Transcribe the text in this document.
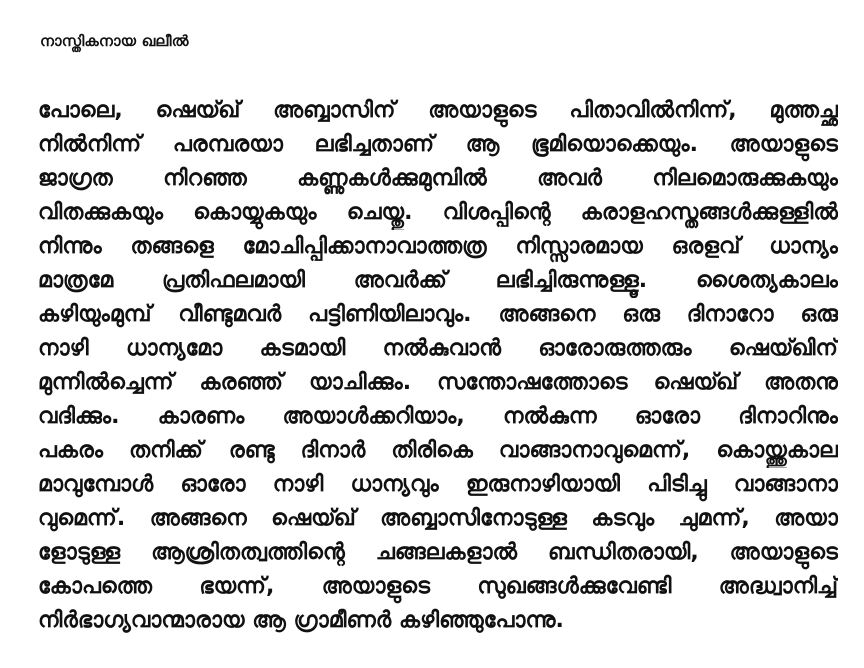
നാസ്തികനായ ഖലീൽ
പോലെ, ഷെയ്ഖ് അബ്ബാസിന് അയാളുടെ പിതാവിൽനിന്ന്, മുത്തച്ഛ
നിൽനിന്ന് പരമ്പരയാ ലഭിച്ചതാണ് ആ ഭൂമിയൊക്കെയും. അയാളുടെ
ജാഗ്രത നിറഞ്ഞ കണ്ണുകൾക്കുമുമ്പിൽ അവർ നിലമൊരുക്കുകയും
വിതക്കുകയും കൊയ്യുകയും ചെയ്തു. വിശപ്പിന്റെ കരാളഹസ്തങ്ങൾക്കുള്ളിൽ
നിന്നും തങ്ങളെ മോചിപ്പിക്കാനാവാത്തത്ര നിസ്സാരമായ ഒരളവ് ധാന്യം
മാത്രമേ പ്രതിഫലമായി അവർക്ക് ലഭിച്ചിരുന്നുള്ളൂ. ശൈത്യകാലം
കഴിയുംമുമ്പ് വീണ്ടുമവർ പട്ടിണിയിലാവും. അങ്ങനെ ഒരു ദിനാറോ ഒരു
നാഴി ധാന്യമോ കടമായി നൽകുവാൻ ഓരോരുത്തരും ഷെയ്ഖിന്
മുന്നിൽച്ചെന്ന് കരഞ്ഞ് യാചിക്കും. സന്തോഷത്തോടെ ഷെയ്ഖ് അതനു
വദിക്കും. കാരണം അയാൾക്കറിയാം, നൽകുന്ന ഓരോ ദിനാറിനും
പകരം തനിക്ക് രണ്ടു ദിനാർ തിരികെ വാങ്ങാനാവുമെന്ന്, കൊയ്ത്തുകാല
മാവുമ്പോൾ ഓരോ നാഴി ധാന്യവും ഇരുനാഴിയായി പിടിച്ചു വാങ്ങാനാ
വുമെന്ന്. അങ്ങനെ ഷെയ്ഖ് അബ്ബാസിനോടുള്ള കടവും ചുമന്ന്, അയാ
ളോടുള്ള ആശ്രിതത്വത്തിന്റെ ചങ്ങലകളാൽ ബന്ധിതരായി, അയാളുടെ
കോപത്തെ ഭയന്ന്, അയാളുടെ സുഖങ്ങൾക്കുവേണ്ടി അദ്ധ്വാനിച്ച്
നിർഭാഗ്യവാന്മാരായ ആ ഗ്രാമീണർ കഴിഞ്ഞുപോന്നു.
